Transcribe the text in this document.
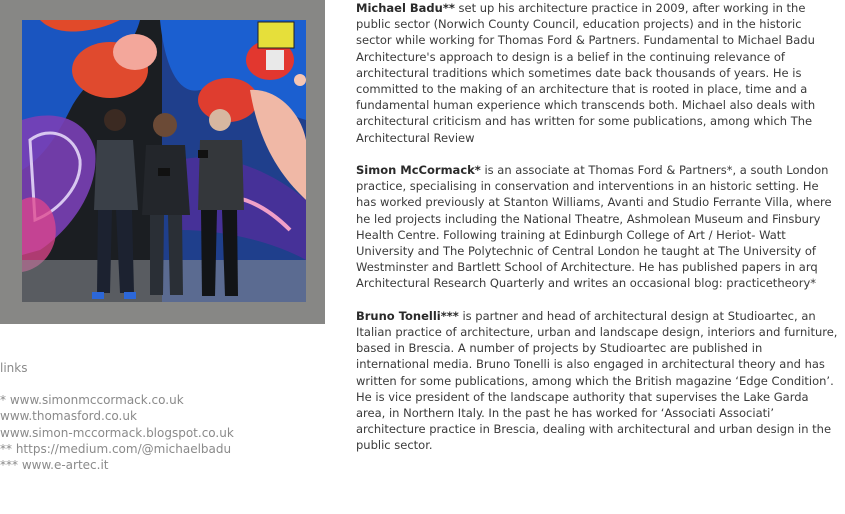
links
* www.simonmccormack.co.uk
www.thomasford.co.uk
www.simon-mccormack.blogspot.co.uk
** https://medium.com/@michaelbadu
*** www.e-artec.it

Michael Badu** set up his architecture practice in 2009, after working in the public sector (Norwich County Council, education projects) and in the historic sector while working for Thomas Ford & Partners. Fundamental to Michael Badu Architecture's approach to design is a belief in the continuing relevance of architectural traditions which sometimes date back thousands of years. He is committed to the making of an architecture that is rooted in place, time and a fundamental human experience which transcends both. Michael also deals with architectural criticism and has written for some publications, among which The Architectural Review

Simon McCormack* is an associate at Thomas Ford & Partners*, a south London practice, specialising in conservation and interventions in an historic setting. He has worked previously at Stanton Williams, Avanti and Studio Ferrante Villa, where he led projects including the National Theatre, Ashmolean Museum and Finsbury Health Centre. Following training at Edinburgh College of Art / Heriot- Watt University and The Polytechnic of Central London he taught at The University of Westminster and Bartlett School of Architecture. He has published papers in arq Architectural Research Quarterly and writes an occasional blog: practicetheory*

Bruno Tonelli*** is partner and head of architectural design at Studioartec, an Italian practice of architecture, urban and landscape design, interiors and furniture, based in Brescia. A number of projects by Studioartec are published in international media. Bruno Tonelli is also engaged in architectural theory and has written for some publications, among which the British magazine ‘Edge Condition’.
He is vice president of the landscape authority that supervises the Lake Garda area, in Northern Italy. In the past he has worked for ‘Associati Associati’ architecture practice in Brescia, dealing with architectural and urban design in the public sector.
